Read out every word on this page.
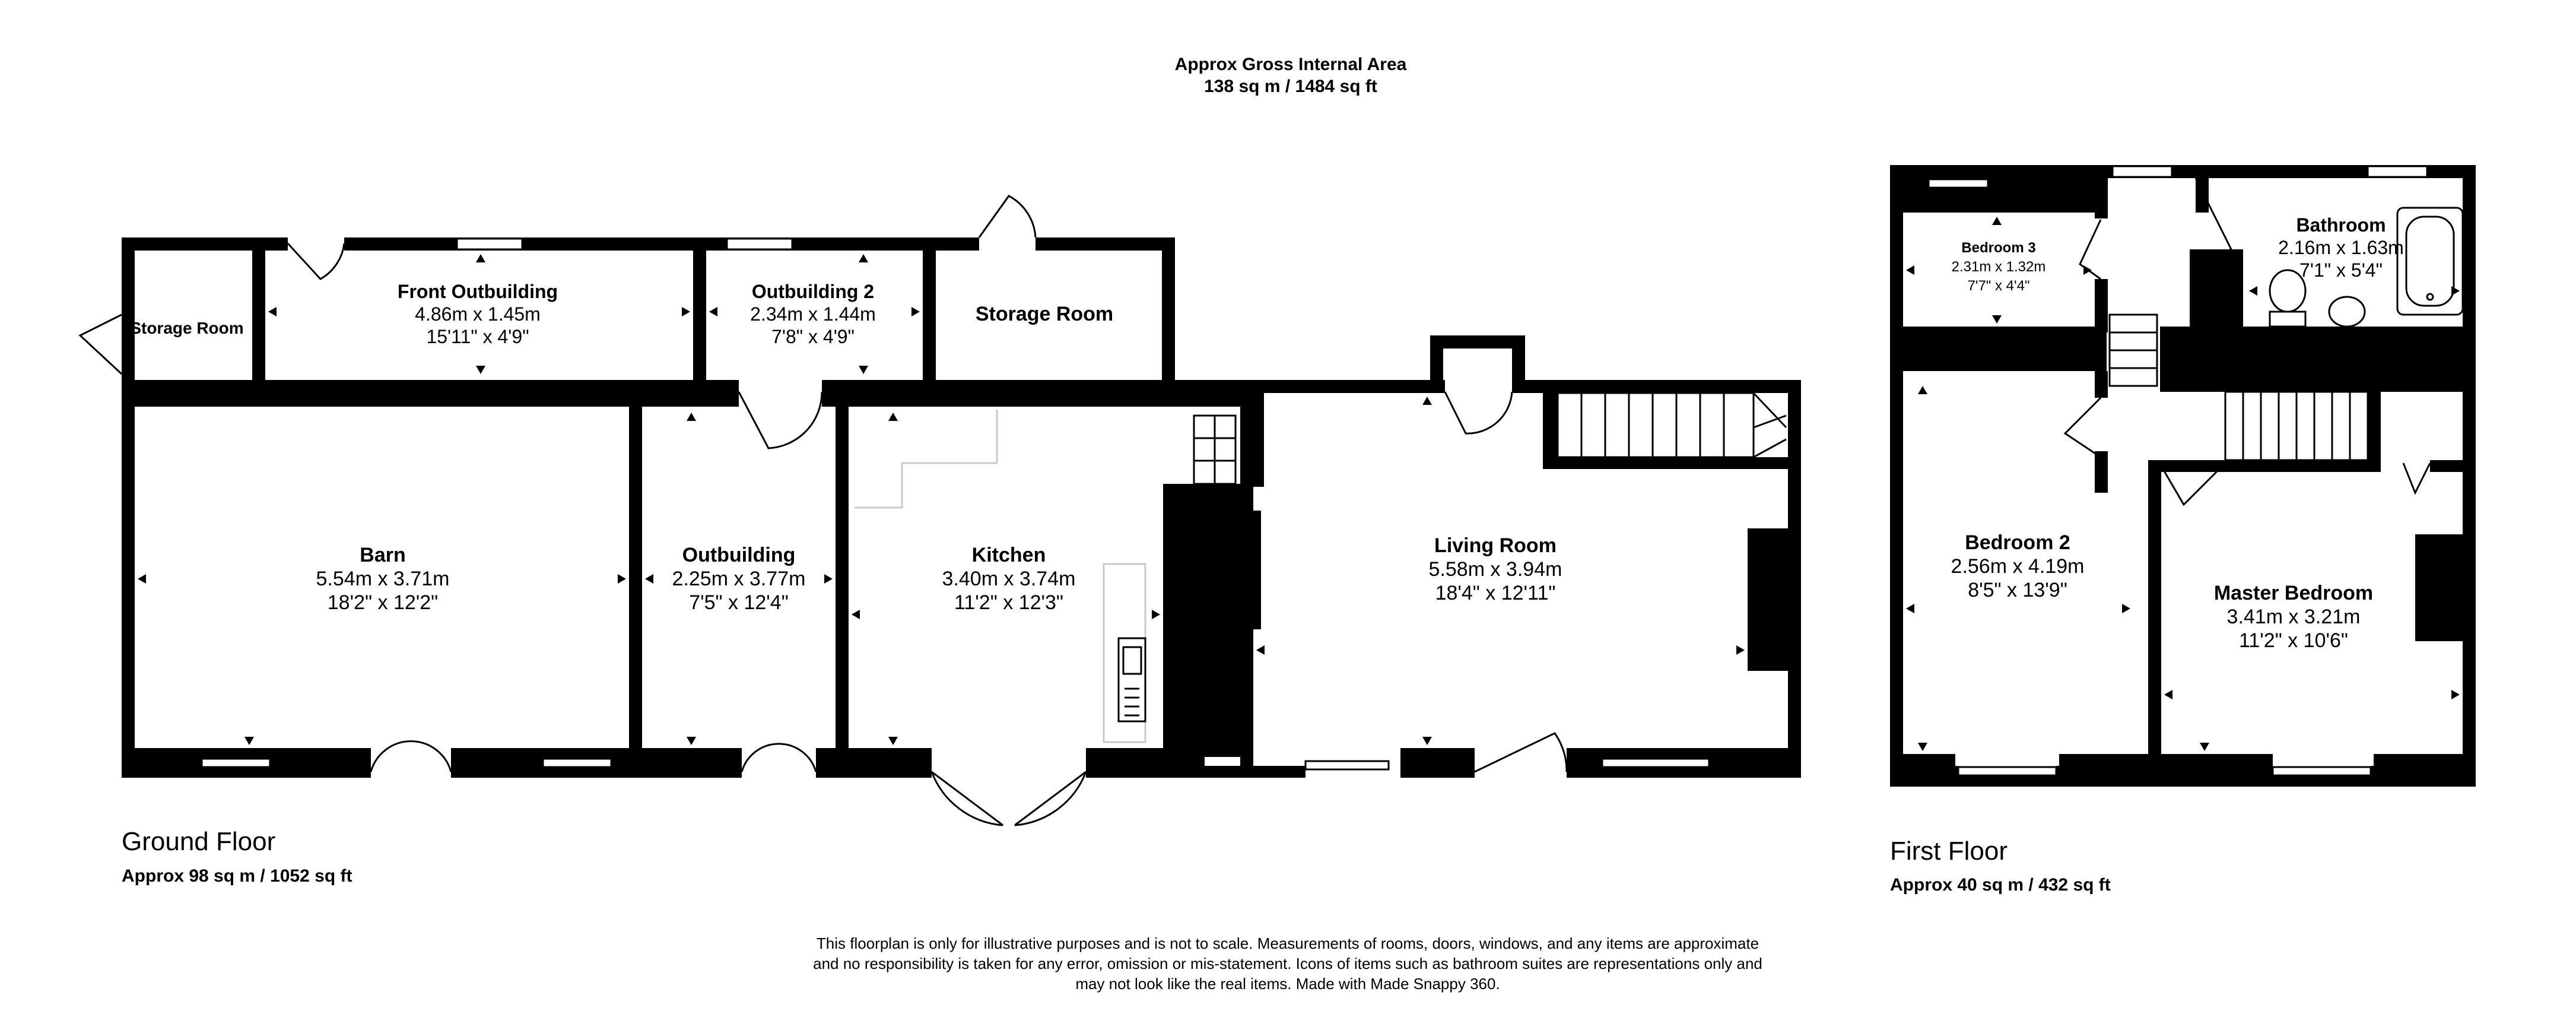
Approx Gross Internal Area
138 sq m / 1484 sq ft
Storage Room
Front Outbuilding
4.86m x 1.45m
15'11" x 4'9"
Outbuilding 2
2.34m x 1.44m
7'8" x 4'9"
Storage Room
Barn
5.54m x 3.71m
18'2" x 12'2"
Outbuilding
2.25m x 3.77m
7'5" x 12'4"
Kitchen
3.40m x 3.74m
11'2" x 12'3"
Living Room
5.58m x 3.94m
18'4" x 12'11"
Ground Floor
Approx 98 sq m / 1052 sq ft
Bedroom 3
2.31m x 1.32m
7'7" x 4'4"
Bathroom
2.16m x 1.63m
7'1" x 5'4"
Bedroom 2
2.56m x 4.19m
8'5" x 13'9"	Master Bedroom
3.41m x 3.21m
11'2" x 10'6"
First Floor
Approx 40 sq m / 432 sq ft
This floorplan is only for illustrative purposes and is not to scale. Measurements of rooms, doors, windows, and any items are approximate
and no responsibility is taken for any error, omission or mis-statement. Icons of items such as bathroom suites are representations only and
may not look like the real items. Made with Made Snappy 360.
